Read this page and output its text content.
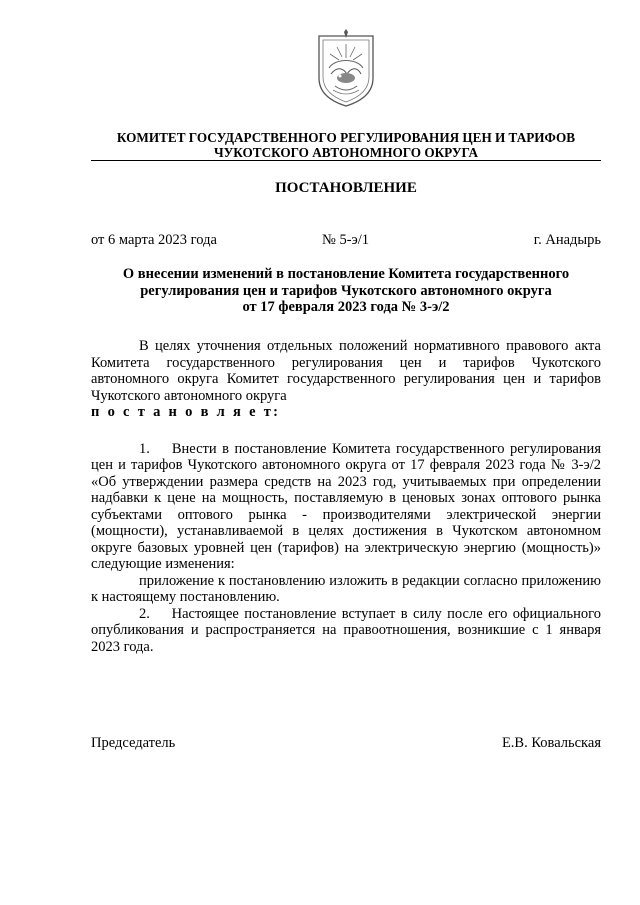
КОМИТЕТ ГОСУДАРСТВЕННОГО РЕГУЛИРОВАНИЯ ЦЕН И ТАРИФОВ
ЧУКОТСКОГО АВТОНОМНОГО ОКРУГА
ПОСТАНОВЛЕНИЕ
от 6 марта 2023 года	№ 5-э/1	г. Анадырь
О внесении изменений в постановление Комитета государственного
регулирования цен и тарифов Чукотского автономного округа
от 17 февраля 2023 года № 3-э/2

В целях уточнения отдельных положений нормативного правового акта Комитета государственного регулирования цен и тарифов Чукотского автономного округа Комитет государственного регулирования цен и тарифов Чукотского автономного округа

п о с т а н о в л я е т:

1.    Внести в постановление Комитета государственного регулирования цен и тарифов Чукотского автономного округа от 17 февраля 2023 года № 3-э/2 «Об утверждении размера средств на 2023 год, учитываемых при определении надбавки к цене на мощность, поставляемую в ценовых зонах оптового рынка субъектами оптового рынка - производителями электрической энергии (мощности), устанавливаемой в целях достижения в Чукотском автономном округе базовых уровней цен (тарифов) на электрическую энергию (мощность)» следующие изменения:

приложение к постановлению изложить в редакции согласно приложению к настоящему постановлению.

2.    Настоящее постановление вступает в силу после его официального опубликования и распространяется на правоотношения, возникшие с 1 января 2023 года.

Председатель	Е.В. Ковальская
